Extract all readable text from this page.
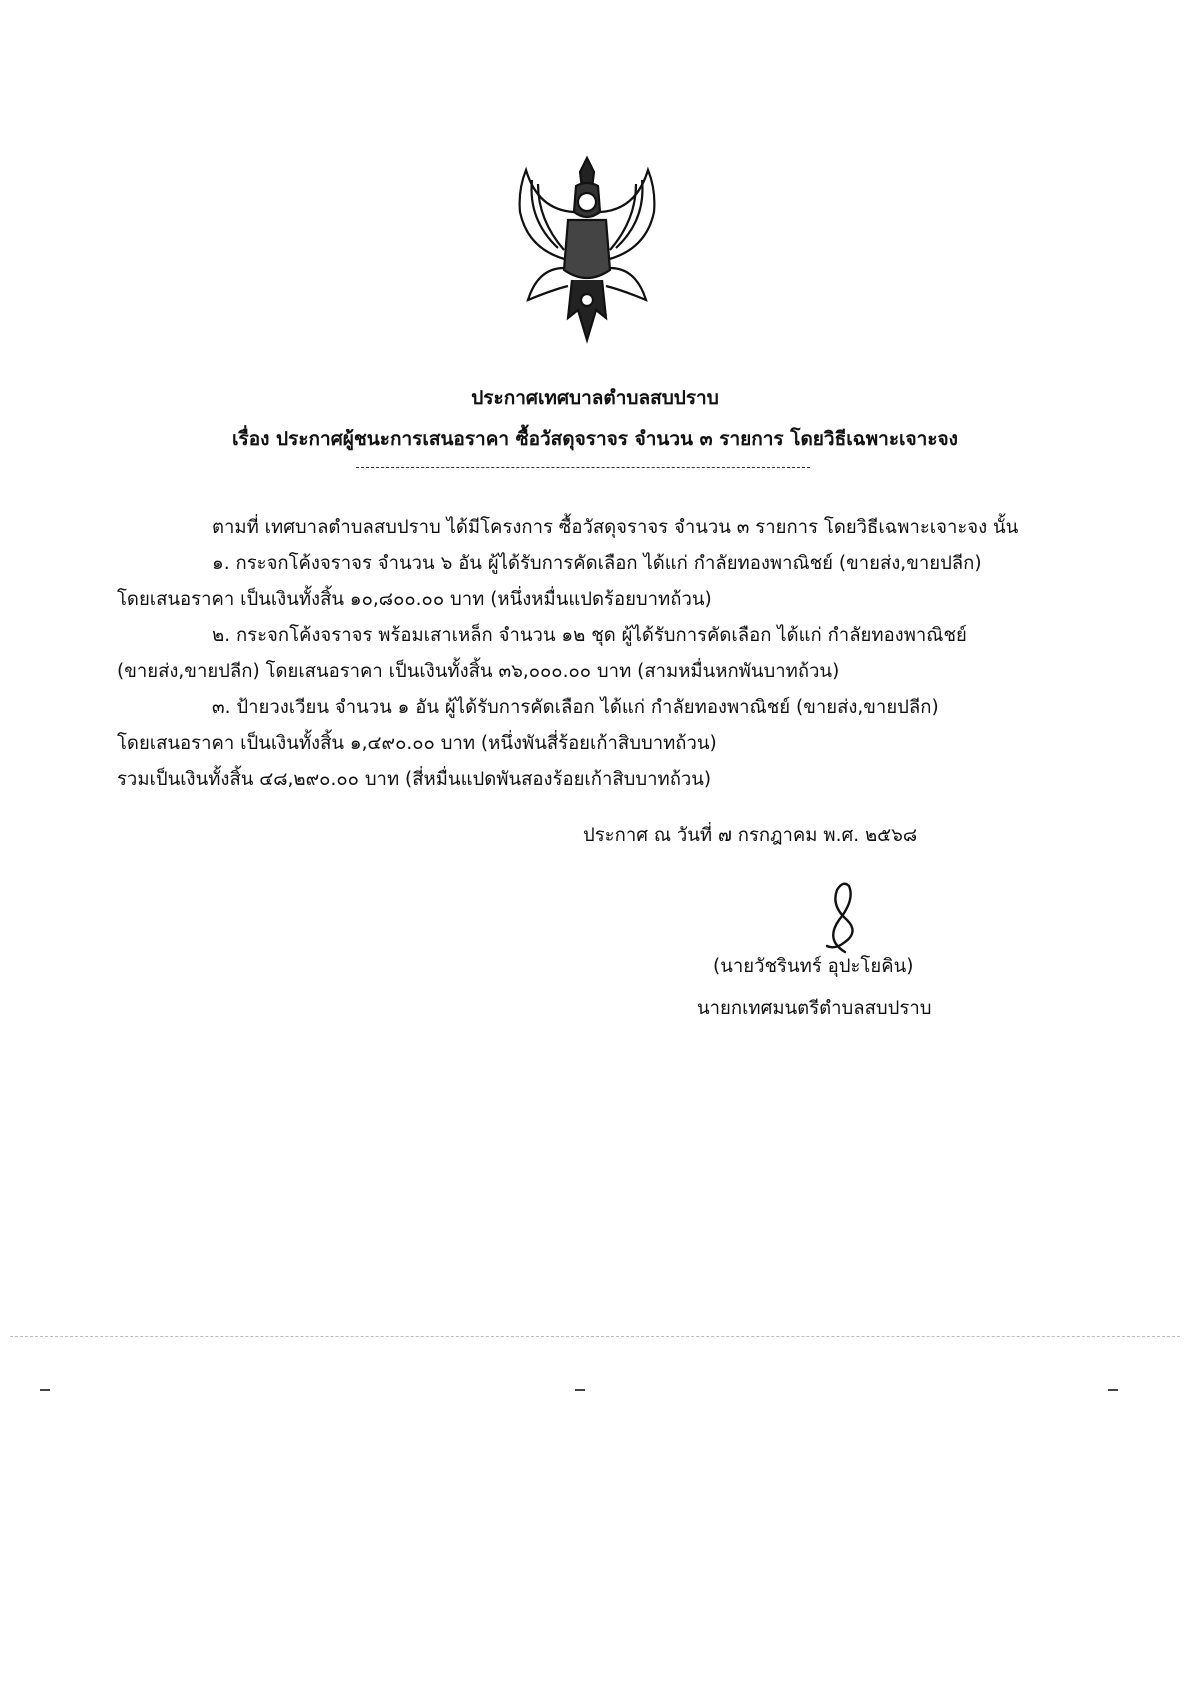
ประกาศเทศบาลตำบลสบปราบ
เรื่อง ประกาศผู้ชนะการเสนอราคา ซื้อวัสดุจราจร จำนวน ๓ รายการ โดยวิธีเฉพาะเจาะจง
ตามที่ เทศบาลตำบลสบปราบ ได้มีโครงการ ซื้อวัสดุจราจร จำนวน ๓ รายการ โดยวิธีเฉพาะเจาะจง นั้น
๑. กระจกโค้งจราจร จำนวน ๖ อัน ผู้ได้รับการคัดเลือก ได้แก่ กำลัยทองพาณิชย์ (ขายส่ง,ขายปลีก)
โดยเสนอราคา เป็นเงินทั้งสิ้น ๑๐,๘๐๐.๐๐ บาท (หนึ่งหมื่นแปดร้อยบาทถ้วน)
๒. กระจกโค้งจราจร พร้อมเสาเหล็ก จำนวน ๑๒ ชุด ผู้ได้รับการคัดเลือก ได้แก่ กำลัยทองพาณิชย์
(ขายส่ง,ขายปลีก) โดยเสนอราคา เป็นเงินทั้งสิ้น ๓๖,๐๐๐.๐๐ บาท (สามหมื่นหกพันบาทถ้วน)
๓. ป้ายวงเวียน จำนวน ๑ อัน ผู้ได้รับการคัดเลือก ได้แก่ กำลัยทองพาณิชย์ (ขายส่ง,ขายปลีก)
โดยเสนอราคา เป็นเงินทั้งสิ้น ๑,๔๙๐.๐๐ บาท (หนึ่งพันสี่ร้อยเก้าสิบบาทถ้วน)
รวมเป็นเงินทั้งสิ้น ๔๘,๒๙๐.๐๐ บาท (สี่หมื่นแปดพันสองร้อยเก้าสิบบาทถ้วน)
ประกาศ ณ วันที่ ๗ กรกฎาคม พ.ศ. ๒๕๖๘
(นายวัชรินทร์ อุปะโยคิน)
นายกเทศมนตรีตำบลสบปราบ
